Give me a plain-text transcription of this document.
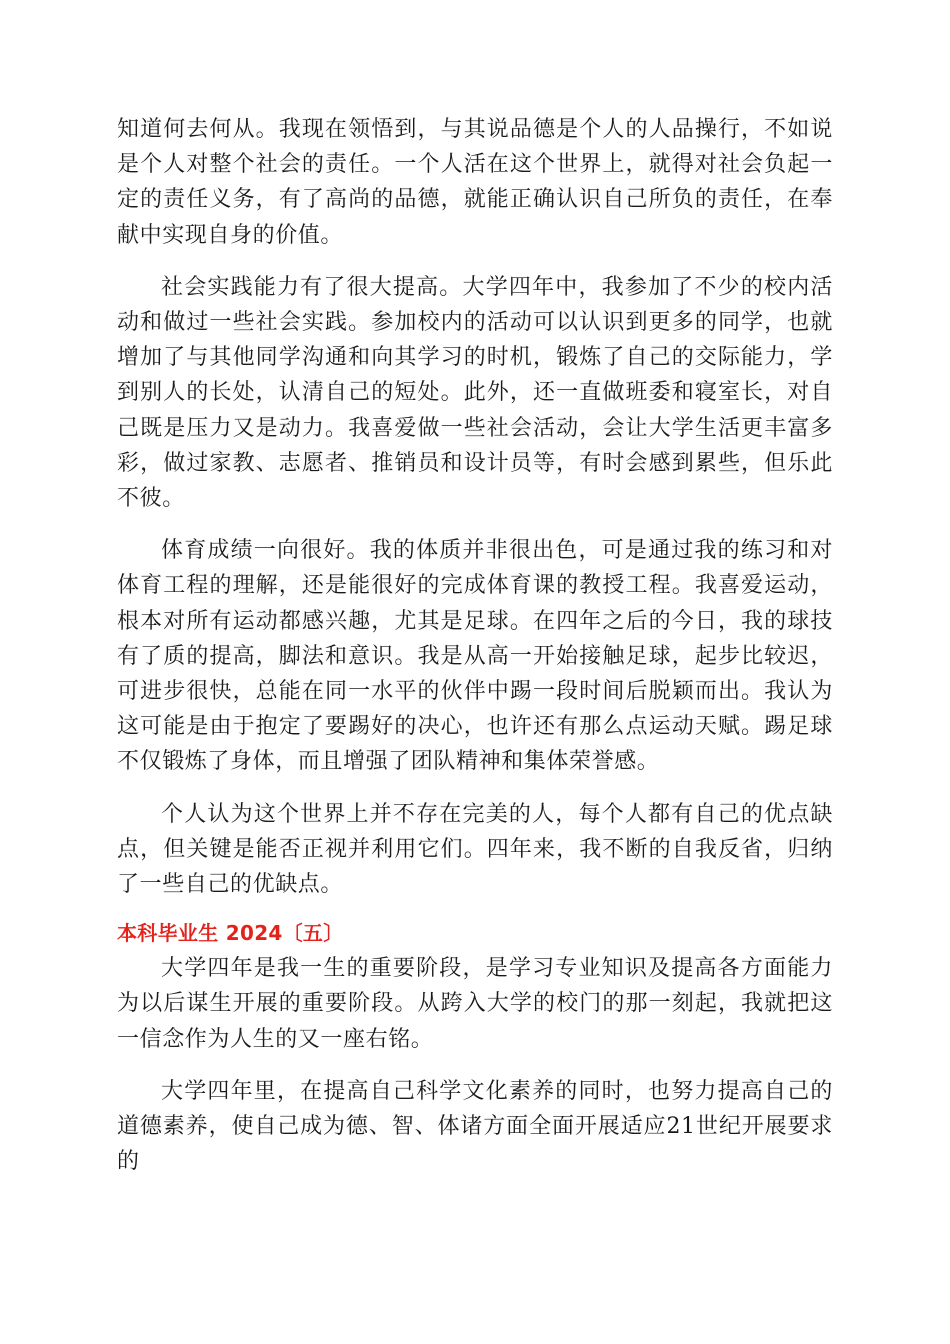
知道何去何从。我现在领悟到，与其说品德是个人的人品操行，不如说是个人对整个社会的责任。一个人活在这个世界上，就得对社会负起一定的责任义务，有了高尚的品德，就能正确认识自己所负的责任，在奉献中实现自身的价值。

社会实践能力有了很大提高。大学四年中，我参加了不少的校内活动和做过一些社会实践。参加校内的活动可以认识到更多的同学，也就增加了与其他同学沟通和向其学习的时机，锻炼了自己的交际能力，学到别人的长处，认清自己的短处。此外，还一直做班委和寝室长，对自己既是压力又是动力。我喜爱做一些社会活动，会让大学生活更丰富多彩，做过家教、志愿者、推销员和设计员等，有时会感到累些，但乐此不彼。

体育成绩一向很好。我的体质并非很出色，可是通过我的练习和对体育工程的理解，还是能很好的完成体育课的教授工程。我喜爱运动，根本对所有运动都感兴趣，尤其是足球。在四年之后的今日，我的球技有了质的提高，脚法和意识。我是从高一开始接触足球，起步比较迟，可进步很快，总能在同一水平的伙伴中踢一段时间后脱颖而出。我认为这可能是由于抱定了要踢好的决心，也许还有那么点运动天赋。踢足球不仅锻炼了身体，而且增强了团队精神和集体荣誉感。

个人认为这个世界上并不存在完美的人，每个人都有自己的优点缺点，但关键是能否正视并利用它们。四年来，我不断的自我反省，归纳了一些自己的优缺点。

本科毕业生 2024〔五〕

大学四年是我一生的重要阶段，是学习专业知识及提高各方面能力为以后谋生开展的重要阶段。从跨入大学的校门的那一刻起，我就把这一信念作为人生的又一座右铭。

大学四年里，在提高自己科学文化素养的同时，也努力提高自己的道德素养，使自己成为德、智、体诸方面全面开展适应21世纪开展要求的
